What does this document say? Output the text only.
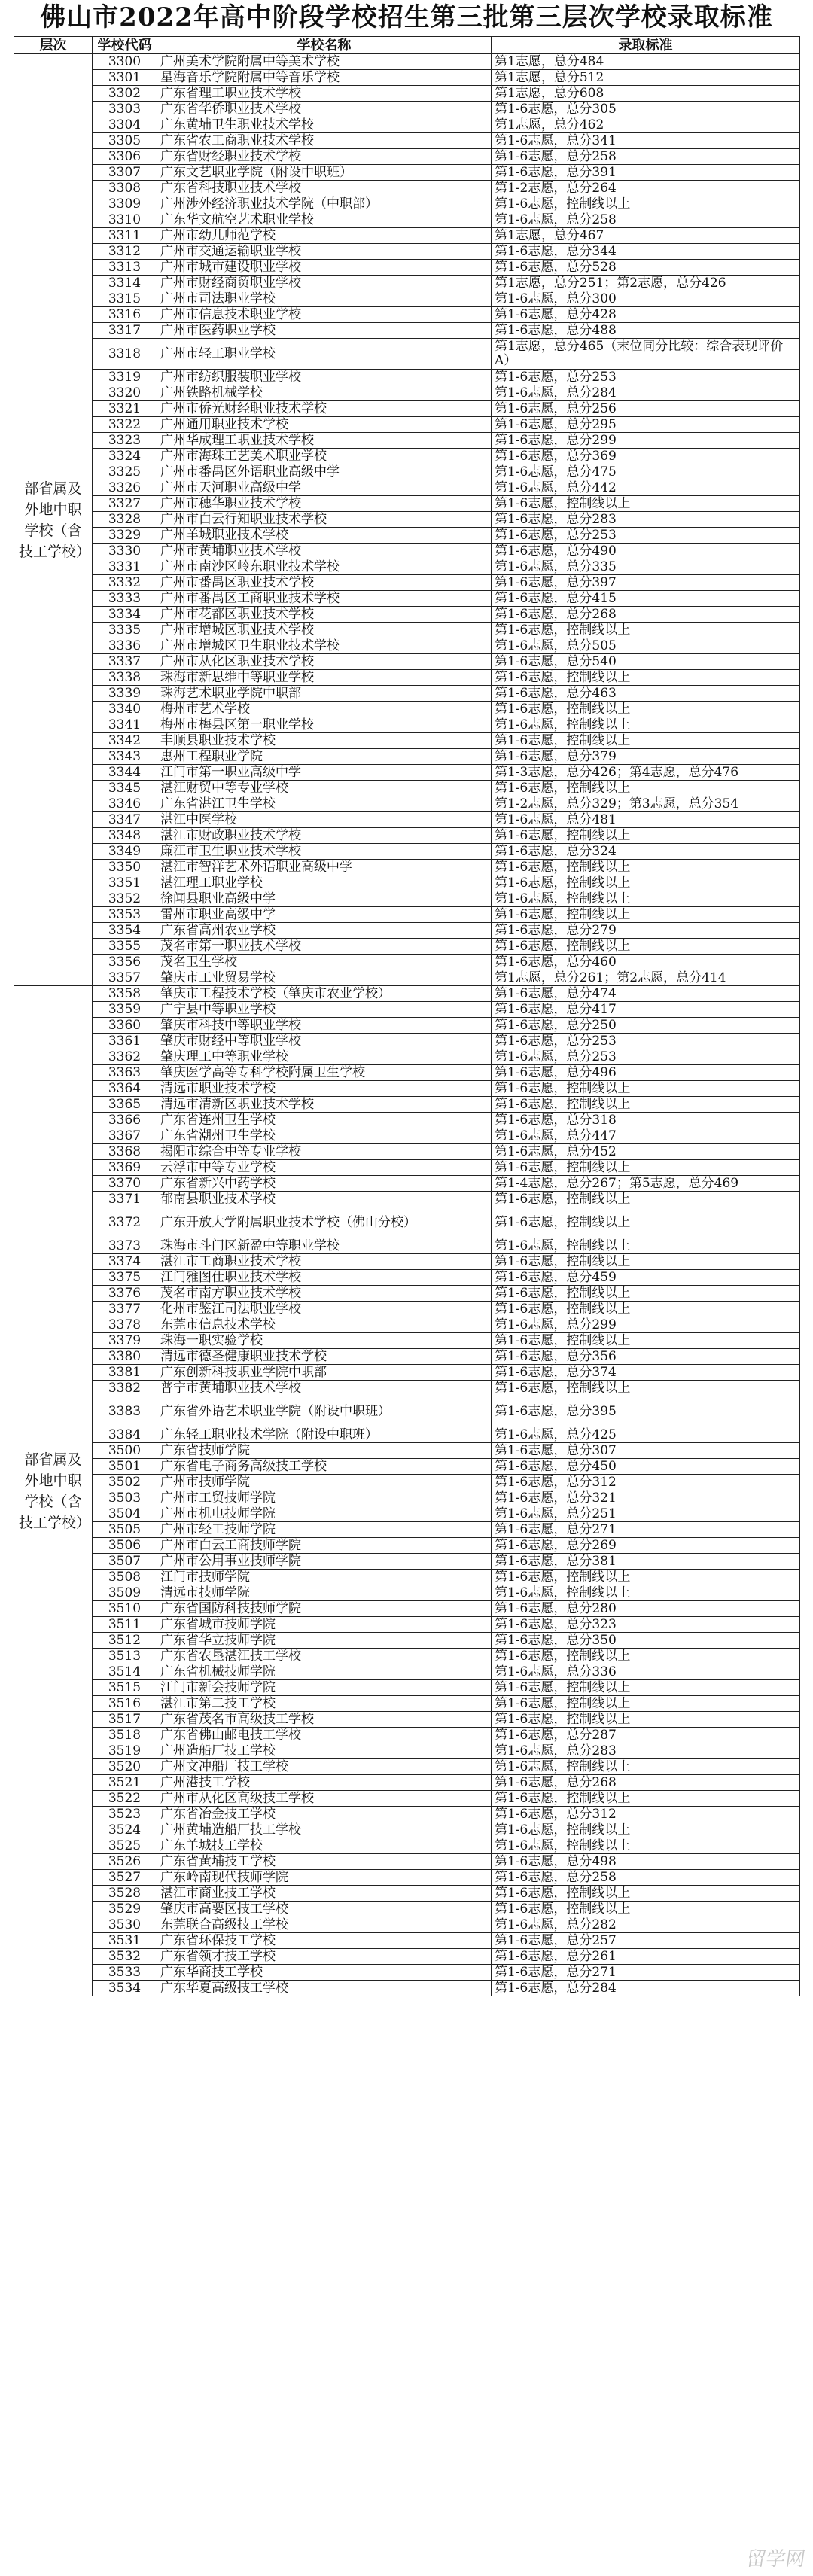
佛山市2022年高中阶段学校招生第三批第三层次学校录取标准
层次	学校代码	学校名称	录取标准
部省属及外地中职学校（含技工学校）	3300	广州美术学院附属中等美术学校	第1志愿，总分484
	3301	星海音乐学院附属中等音乐学校	第1志愿，总分512
	3302	广东省理工职业技术学校	第1志愿，总分608
	3303	广东省华侨职业技术学校	第1-6志愿，总分305
	3304	广东黄埔卫生职业技术学校	第1志愿，总分462
	3305	广东省农工商职业技术学校	第1-6志愿，总分341
	3306	广东省财经职业技术学校	第1-6志愿，总分258
	3307	广东文艺职业学院（附设中职班）	第1-6志愿，总分391
	3308	广东省科技职业技术学校	第1-2志愿，总分264
	3309	广州涉外经济职业技术学院（中职部）	第1-6志愿，控制线以上
	3310	广东华文航空艺术职业学校	第1-6志愿，总分258
	3311	广州市幼儿师范学校	第1志愿，总分467
	3312	广州市交通运输职业学校	第1-6志愿，总分344
	3313	广州市城市建设职业学校	第1-6志愿，总分528
	3314	广州市财经商贸职业学校	第1志愿，总分251；第2志愿，总分426
	3315	广州市司法职业学校	第1-6志愿，总分300
	3316	广州市信息技术职业学校	第1-6志愿，总分428
	3317	广州市医药职业学校	第1-6志愿，总分488
	3318	广州市轻工职业学校	第1志愿，总分465（末位同分比较：综合表现评价A）
	3319	广州市纺织服装职业学校	第1-6志愿，总分253
	3320	广州铁路机械学校	第1-6志愿，总分284
	3321	广州市侨光财经职业技术学校	第1-6志愿，总分256
	3322	广州通用职业技术学校	第1-6志愿，总分295
	3323	广州华成理工职业技术学校	第1-6志愿，总分299
	3324	广州市海珠工艺美术职业学校	第1-6志愿，总分369
	3325	广州市番禺区外语职业高级中学	第1-6志愿，总分475
	3326	广州市天河职业高级中学	第1-6志愿，总分442
	3327	广州市穗华职业技术学校	第1-6志愿，控制线以上
	3328	广州市白云行知职业技术学校	第1-6志愿，总分283
	3329	广州羊城职业技术学校	第1-6志愿，总分253
	3330	广州市黄埔职业技术学校	第1-6志愿，总分490
	3331	广州市南沙区岭东职业技术学校	第1-6志愿，总分335
	3332	广州市番禺区职业技术学校	第1-6志愿，总分397
	3333	广州市番禺区工商职业技术学校	第1-6志愿，总分415
	3334	广州市花都区职业技术学校	第1-6志愿，总分268
	3335	广州市增城区职业技术学校	第1-6志愿，控制线以上
	3336	广州市增城区卫生职业技术学校	第1-6志愿，总分505
	3337	广州市从化区职业技术学校	第1-6志愿，总分540
	3338	珠海市新思维中等职业学校	第1-6志愿，控制线以上
	3339	珠海艺术职业学院中职部	第1-6志愿，总分463
	3340	梅州市艺术学校	第1-6志愿，控制线以上
	3341	梅州市梅县区第一职业学校	第1-6志愿，控制线以上
	3342	丰顺县职业技术学校	第1-6志愿，控制线以上
	3343	惠州工程职业学院	第1-6志愿，总分379
	3344	江门市第一职业高级中学	第1-3志愿，总分426；第4志愿，总分476
	3345	湛江财贸中等专业学校	第1-6志愿，控制线以上
	3346	广东省湛江卫生学校	第1-2志愿，总分329；第3志愿，总分354
	3347	湛江中医学校	第1-6志愿，总分481
	3348	湛江市财政职业技术学校	第1-6志愿，控制线以上
	3349	廉江市卫生职业技术学校	第1-6志愿，总分324
	3350	湛江市智洋艺术外语职业高级中学	第1-6志愿，控制线以上
	3351	湛江理工职业学校	第1-6志愿，控制线以上
	3352	徐闻县职业高级中学	第1-6志愿，控制线以上
	3353	雷州市职业高级中学	第1-6志愿，控制线以上
	3354	广东省高州农业学校	第1-6志愿，总分279
	3355	茂名市第一职业技术学校	第1-6志愿，控制线以上
	3356	茂名卫生学校	第1-6志愿，总分460
	3357	肇庆市工业贸易学校	第1志愿，总分261；第2志愿，总分414
部省属及外地中职学校（含技工学校）	3358	肇庆市工程技术学校（肇庆市农业学校）	第1-6志愿，总分474
	3359	广宁县中等职业学校	第1-6志愿，总分417
	3360	肇庆市科技中等职业学校	第1-6志愿，总分250
	3361	肇庆市财经中等职业学校	第1-6志愿，总分253
	3362	肇庆理工中等职业学校	第1-6志愿，总分253
	3363	肇庆医学高等专科学校附属卫生学校	第1-6志愿，总分496
	3364	清远市职业技术学校	第1-6志愿，控制线以上
	3365	清远市清新区职业技术学校	第1-6志愿，控制线以上
	3366	广东省连州卫生学校	第1-6志愿，总分318
	3367	广东省潮州卫生学校	第1-6志愿，总分447
	3368	揭阳市综合中等专业学校	第1-6志愿，总分452
	3369	云浮市中等专业学校	第1-6志愿，控制线以上
	3370	广东省新兴中药学校	第1-4志愿，总分267；第5志愿，总分469
	3371	郁南县职业技术学校	第1-6志愿，控制线以上
	3372	广东开放大学附属职业技术学校（佛山分校）	第1-6志愿，控制线以上
	3373	珠海市斗门区新盈中等职业学校	第1-6志愿，控制线以上
	3374	湛江市工商职业技术学校	第1-6志愿，控制线以上
	3375	江门雅图仕职业技术学校	第1-6志愿，总分459
	3376	茂名市南方职业技术学校	第1-6志愿，控制线以上
	3377	化州市鉴江司法职业学校	第1-6志愿，控制线以上
	3378	东莞市信息技术学校	第1-6志愿，总分299
	3379	珠海一职实验学校	第1-6志愿，控制线以上
	3380	清远市德圣健康职业技术学校	第1-6志愿，总分356
	3381	广东创新科技职业学院中职部	第1-6志愿，总分374
	3382	普宁市黄埔职业技术学校	第1-6志愿，控制线以上
	3383	广东省外语艺术职业学院（附设中职班）	第1-6志愿，总分395
	3384	广东轻工职业技术学院（附设中职班）	第1-6志愿，总分425
	3500	广东省技师学院	第1-6志愿，总分307
	3501	广东省电子商务高级技工学校	第1-6志愿，总分450
	3502	广州市技师学院	第1-6志愿，总分312
	3503	广州市工贸技师学院	第1-6志愿，总分321
	3504	广州市机电技师学院	第1-6志愿，总分251
	3505	广州市轻工技师学院	第1-6志愿，总分271
	3506	广州市白云工商技师学院	第1-6志愿，总分269
	3507	广州市公用事业技师学院	第1-6志愿，总分381
	3508	江门市技师学院	第1-6志愿，控制线以上
	3509	清远市技师学院	第1-6志愿，控制线以上
	3510	广东省国防科技技师学院	第1-6志愿，总分280
	3511	广东省城市技师学院	第1-6志愿，总分323
	3512	广东省华立技师学院	第1-6志愿，总分350
	3513	广东省农垦湛江技工学校	第1-6志愿，控制线以上
	3514	广东省机械技师学院	第1-6志愿，总分336
	3515	江门市新会技师学院	第1-6志愿，控制线以上
	3516	湛江市第二技工学校	第1-6志愿，控制线以上
	3517	广东省茂名市高级技工学校	第1-6志愿，控制线以上
	3518	广东省佛山邮电技工学校	第1-6志愿，总分287
	3519	广州造船厂技工学校	第1-6志愿，总分283
	3520	广州文冲船厂技工学校	第1-6志愿，控制线以上
	3521	广州港技工学校	第1-6志愿，总分268
	3522	广州市从化区高级技工学校	第1-6志愿，控制线以上
	3523	广东省冶金技工学校	第1-6志愿，总分312
	3524	广州黄埔造船厂技工学校	第1-6志愿，控制线以上
	3525	广东羊城技工学校	第1-6志愿，控制线以上
	3526	广东省黄埔技工学校	第1-6志愿，总分498
	3527	广东岭南现代技师学院	第1-6志愿，总分258
	3528	湛江市商业技工学校	第1-6志愿，控制线以上
	3529	肇庆市高要区技工学校	第1-6志愿，控制线以上
	3530	东莞联合高级技工学校	第1-6志愿，总分282
	3531	广东省环保技工学校	第1-6志愿，总分257
	3532	广东省领才技工学校	第1-6志愿，总分261
	3533	广东华商技工学校	第1-6志愿，总分271
	3534	广东华夏高级技工学校	第1-6志愿，总分284
留学网
